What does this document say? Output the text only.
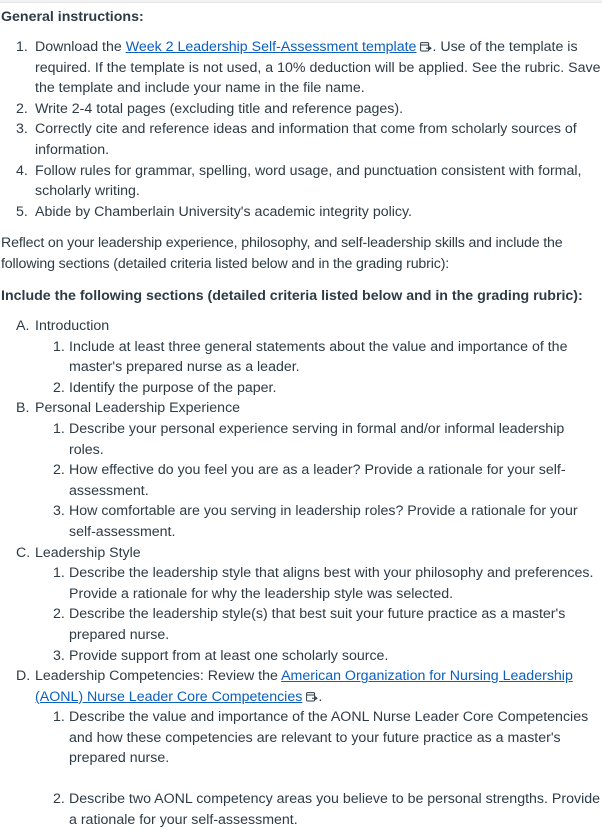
General instructions:
1. Download the Week 2 Leadership Self-Assessment template . Use of the template is required. If the template is not used, a 10% deduction will be applied. See the rubric. Save the template and include your name in the file name.
2. Write 2-4 total pages (excluding title and reference pages).
3. Correctly cite and reference ideas and information that come from scholarly sources of information.
4. Follow rules for grammar, spelling, word usage, and punctuation consistent with formal, scholarly writing.
5. Abide by Chamberlain University's academic integrity policy.

Reflect on your leadership experience, philosophy, and self-leadership skills and include the following sections (detailed criteria listed below and in the grading rubric):

Include the following sections (detailed criteria listed below and in the grading rubric):
A. Introduction
1. Include at least three general statements about the value and importance of the master's prepared nurse as a leader.
2. Identify the purpose of the paper.
B. Personal Leadership Experience
1. Describe your personal experience serving in formal and/or informal leadership roles.
2. How effective do you feel you are as a leader? Provide a rationale for your self-assessment.
3. How comfortable are you serving in leadership roles? Provide a rationale for your self-assessment.
C. Leadership Style
1. Describe the leadership style that aligns best with your philosophy and preferences. Provide a rationale for why the leadership style was selected.
2. Describe the leadership style(s) that best suit your future practice as a master's prepared nurse.
3. Provide support from at least one scholarly source.
D. Leadership Competencies: Review the American Organization for Nursing Leadership (AONL) Nurse Leader Core Competencies .
1. Describe the value and importance of the AONL Nurse Leader Core Competencies and how these competencies are relevant to your future practice as a master's prepared nurse.
2. Describe two AONL competency areas you believe to be personal strengths. Provide a rationale for your self-assessment.
